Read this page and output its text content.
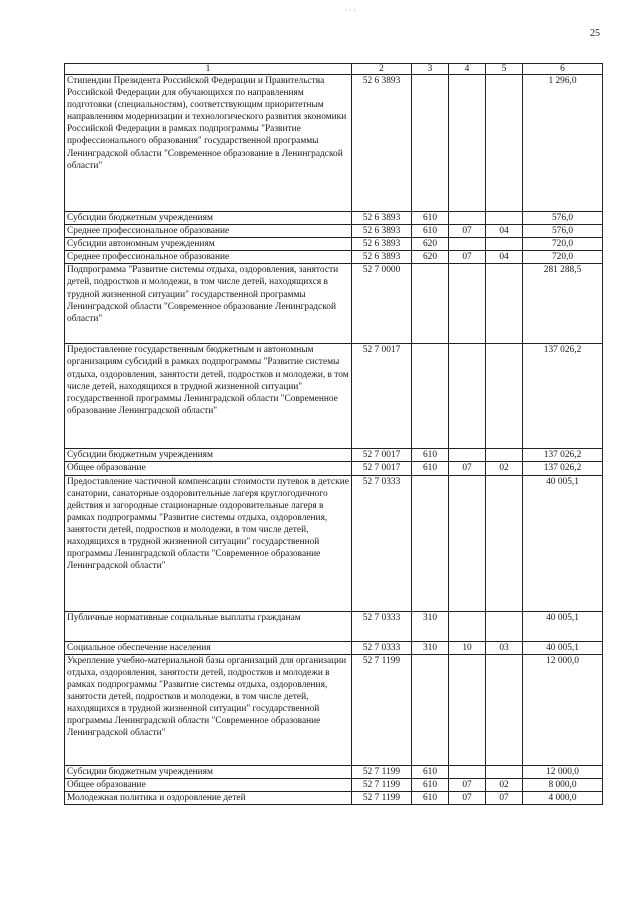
25
1	2	3	4	5	6
Стипендии Президента Российской Федерации и Правительства Российской Федерации для обучающихся по направлениям подготовки (специальностям), соответствующим приоритетным направлениям модернизации и технологического развития экономики Российской Федерации в рамках подпрограммы "Развитие профессионального образования" государственной программы Ленинградской области "Современное образование в Ленинградской области"	52 6 3893				1 296,0
Субсидии бюджетным учреждениям	52 6 3893	610			576,0
Среднее профессиональное образование	52 6 3893	610	07	04	576,0
Субсидии автономным учреждениям	52 6 3893	620			720,0
Среднее профессиональное образование	52 6 3893	620	07	04	720,0
Подпрограмма "Развитие системы отдыха, оздоровления, занятости детей, подростков и молодежи, в том числе детей, находящихся в трудной жизненной ситуации" государственной программы Ленинградской области "Современное образование Ленинградской области"	52 7 0000				281 288,5
Предоставление государственным бюджетным и автономным организациям субсидий в рамках подпрограммы "Развитие системы отдыха, оздоровления, занятости детей, подростков и молодежи, в том числе детей, находящихся в трудной жизненной ситуации" государственной программы Ленинградской области "Современное образование Ленинградской области"	52 7 0017				137 026,2
Субсидии бюджетным учреждениям	52 7 0017	610			137 026,2
Общее образование	52 7 0017	610	07	02	137 026,2
Предоставление частичной компенсации стоимости путевок в детские санатории, санаторные оздоровительные лагеря круглогодичного действия и загородные стационарные оздоровительные лагеря в рамках подпрограммы "Развитие системы отдыха, оздоровления, занятости детей, подростков и молодежи, в том числе детей, находящихся в трудной жизненной ситуации" государственной программы Ленинградской области "Современное образование Ленинградской области"	52 7 0333				40 005,1
Публичные нормативные социальные выплаты гражданам	52 7 0333	310			40 005,1
Социальное обеспечение населения	52 7 0333	310	10	03	40 005,1
Укрепление учебно-материальной базы организаций для организации отдыха, оздоровления, занятости детей, подростков и молодежи в рамках подпрограммы "Развитие системы отдыха, оздоровления, занятости детей, подростков и молодежи, в том числе детей, находящихся в трудной жизненной ситуации" государственной программы Ленинградской области "Современное образование Ленинградской области"	52 7 1199				12 000,0
Субсидии бюджетным учреждениям	52 7 1199	610			12 000,0
Общее образование	52 7 1199	610	07	02	8 000,0
Молодежная политика и оздоровление детей	52 7 1199	610	07	07	4 000,0
· · ·
